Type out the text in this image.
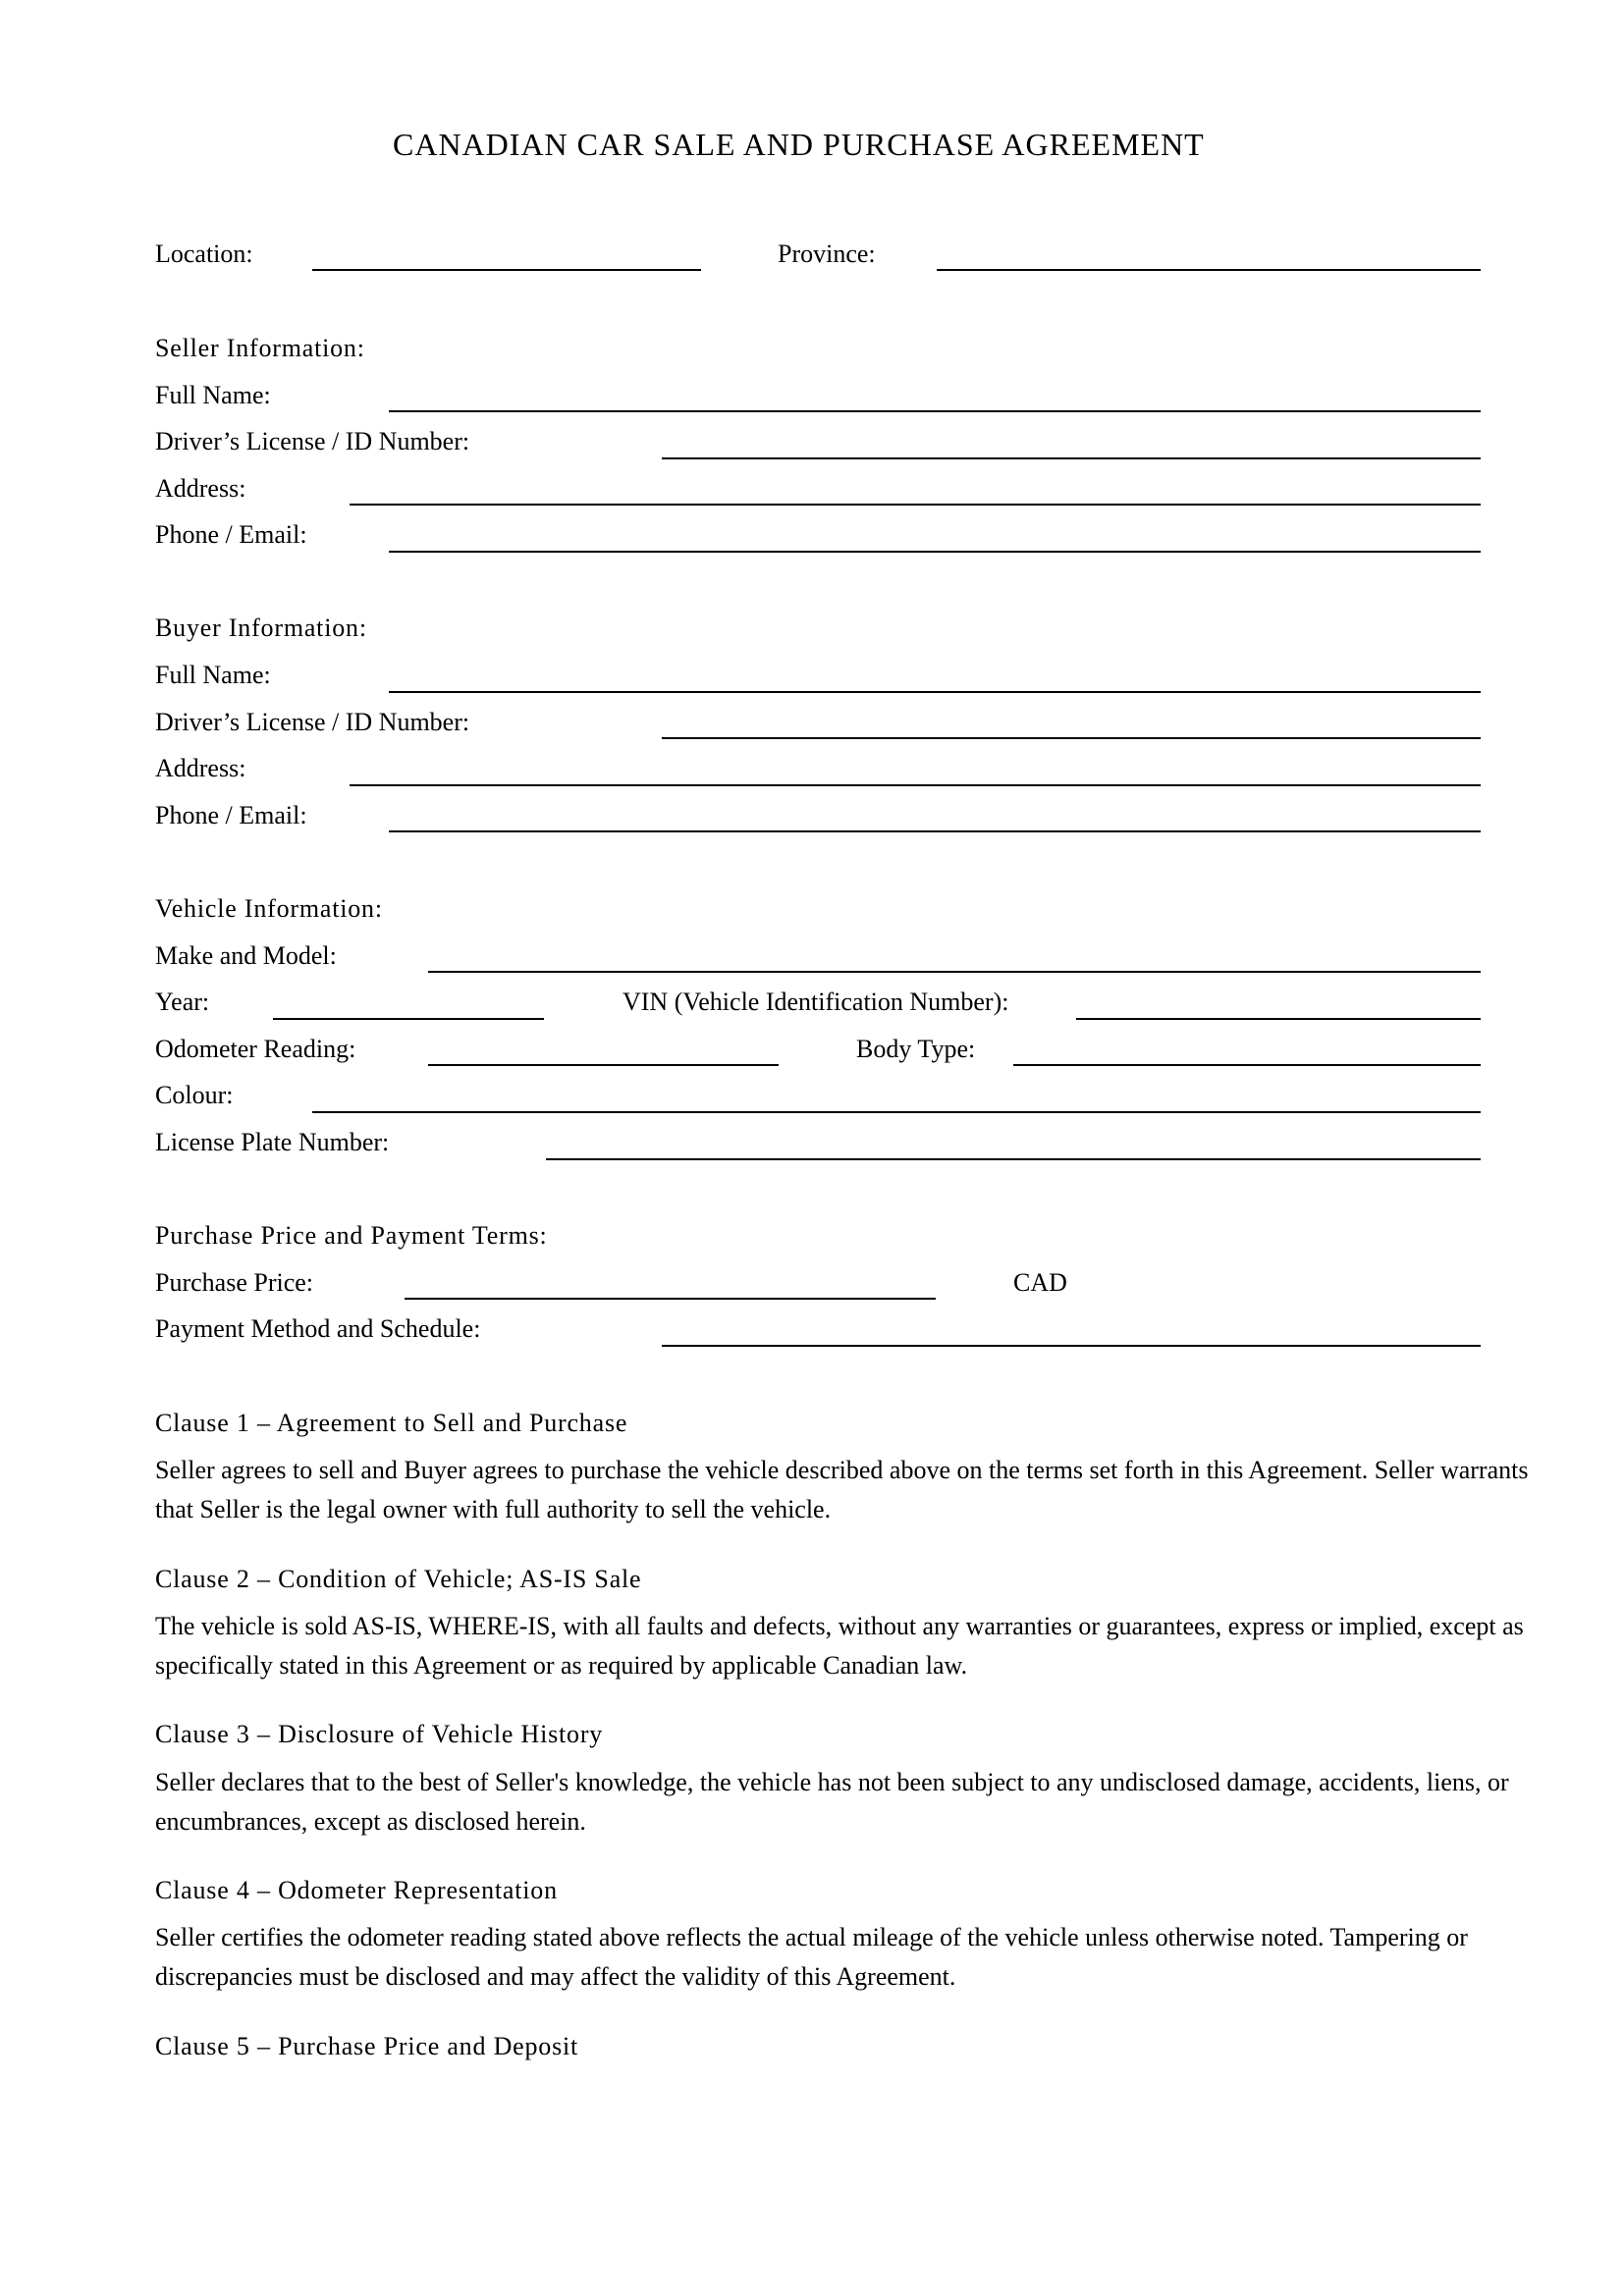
CANADIAN CAR SALE AND PURCHASE AGREEMENT
Location:	Province:
Seller Information:
Full Name:
Driver’s License / ID Number:
Address:
Phone / Email:
Buyer Information:
Full Name:
Driver’s License / ID Number:
Address:
Phone / Email:
Vehicle Information:
Make and Model:
Year:	VIN (Vehicle Identification Number):
Odometer Reading:	Body Type:
Colour:
License Plate Number:
Purchase Price and Payment Terms:
Purchase Price:	CAD
Payment Method and Schedule:
Clause 1 – Agreement to Sell and Purchase
Seller agrees to sell and Buyer agrees to purchase the vehicle described above on the terms set forth in this Agreement. Seller warrants that Seller is the legal owner with full authority to sell the vehicle.
Clause 2 – Condition of Vehicle; AS-IS Sale
The vehicle is sold AS-IS, WHERE-IS, with all faults and defects, without any warranties or guarantees, express or implied, except as specifically stated in this Agreement or as required by applicable Canadian law.
Clause 3 – Disclosure of Vehicle History
Seller declares that to the best of Seller's knowledge, the vehicle has not been subject to any undisclosed damage, accidents, liens, or encumbrances, except as disclosed herein.
Clause 4 – Odometer Representation
Seller certifies the odometer reading stated above reflects the actual mileage of the vehicle unless otherwise noted. Tampering or discrepancies must be disclosed and may affect the validity of this Agreement.
Clause 5 – Purchase Price and Deposit
